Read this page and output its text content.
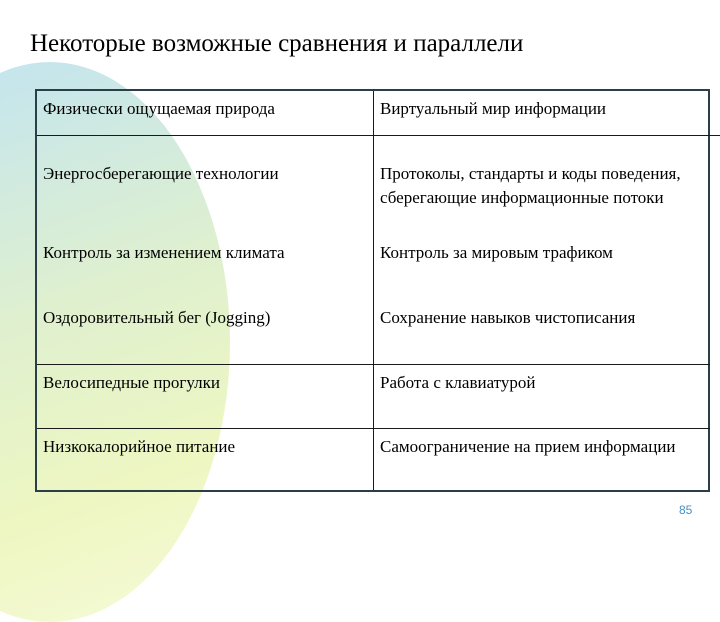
Некоторые возможные сравнения и параллели
Физически ощущаемая природа	Виртуальный мир информации
Энергосберегающие технологии	Протоколы, стандарты и коды поведения, сберегающие информационные потоки
Контроль за изменением климата	Контроль за мировым трафиком
Оздоровительный бег (Jogging)	Сохранение навыков чистописания
Велосипедные прогулки	Работа с клавиатурой
Низкокалорийное питание	Самоограничение на прием информации
85
